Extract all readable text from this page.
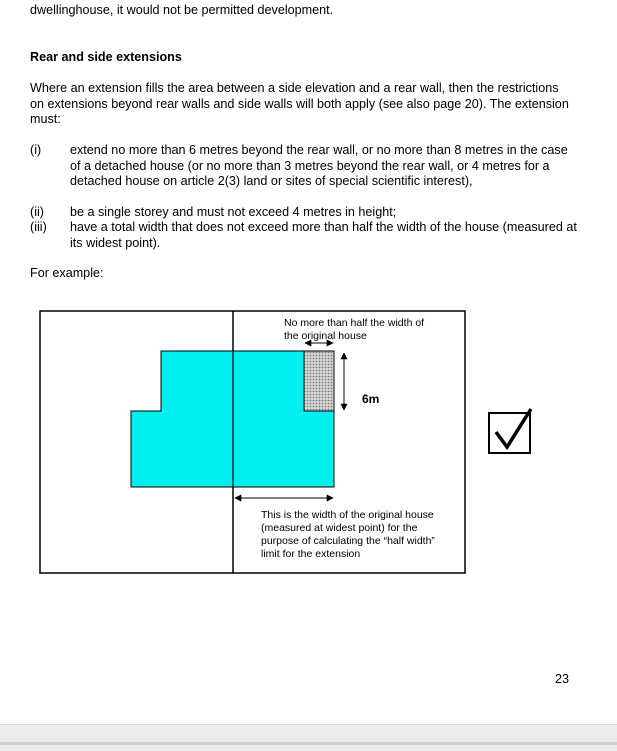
dwellinghouse, it would not be permitted development.
Rear and side extensions
Where an extension fills the area between a side elevation and a rear wall, then the restrictions on extensions beyond rear walls and side walls will both apply (see also page 20). The extension must:
(i) extend no more than 6 metres beyond the rear wall, or no more than 8 metres in the case of a detached house (or no more than 3 metres beyond the rear wall, or 4 metres for a detached house on article 2(3) land or sites of special scientific interest),
(ii) be a single storey and must not exceed 4 metres in height;
(iii) have a total width that does not exceed more than half the width of the house (measured at its widest point).
For example:
No more than half the width of
the original house
6m
This is the width of the original house
(measured at widest point) for the
purpose of calculating the “half width”
limit for the extension
23
